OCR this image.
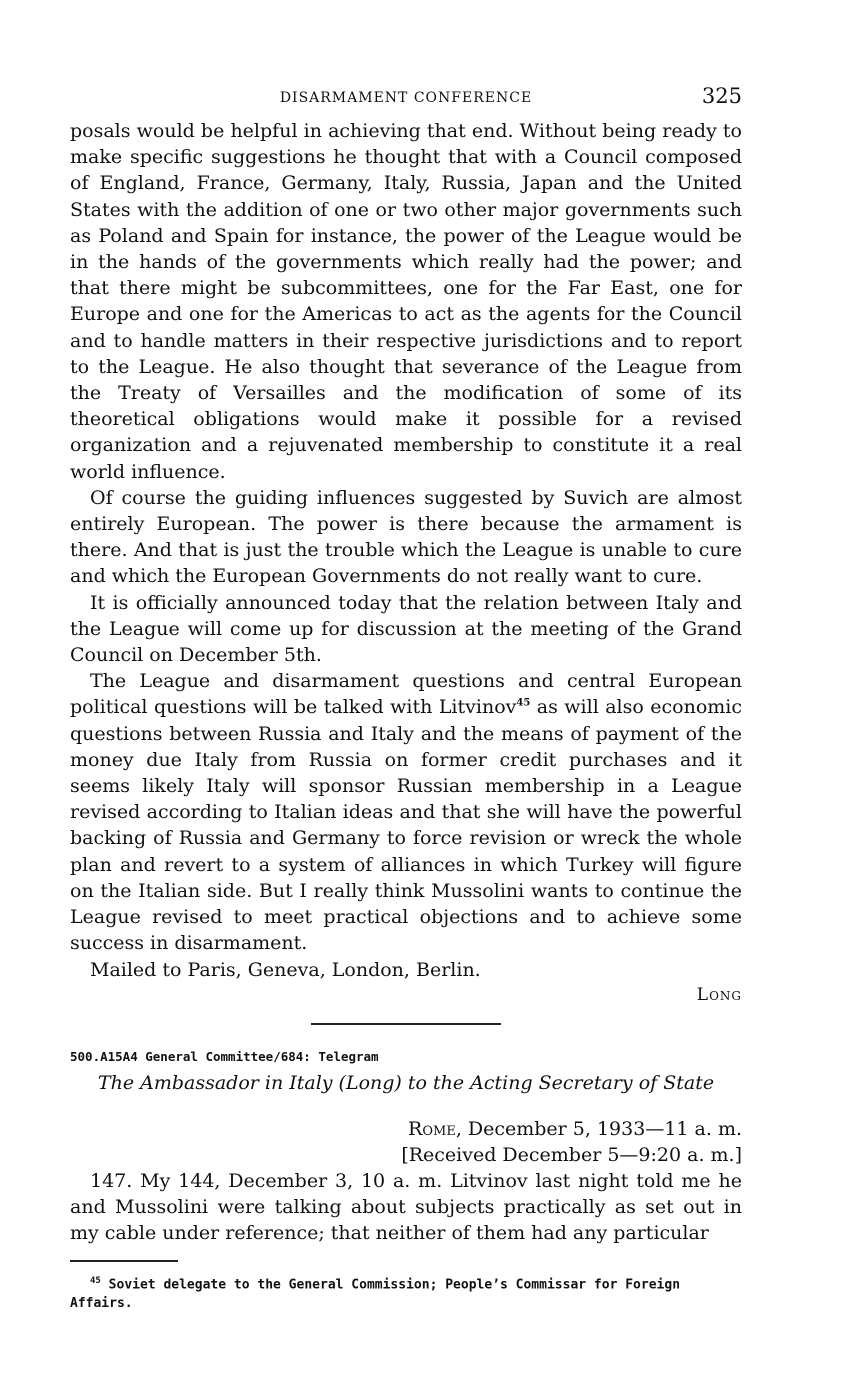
DISARMAMENT CONFERENCE	325

posals would be helpful in achieving that end. Without being ready to make specific suggestions he thought that with a Council composed of England, France, Germany, Italy, Russia, Japan and the United States with the addition of one or two other major governments such as Poland and Spain for instance, the power of the League would be in the hands of the governments which really had the power; and that there might be subcommittees, one for the Far East, one for Europe and one for the Americas to act as the agents for the Council and to handle matters in their respective jurisdictions and to report to the League. He also thought that severance of the League from the Treaty of Versailles and the modification of some of its theoretical obligations would make it possible for a revised organization and a rejuvenated membership to constitute it a real world influence.

Of course the guiding influences suggested by Suvich are almost entirely European. The power is there because the armament is there. And that is just the trouble which the League is unable to cure and which the European Governments do not really want to cure.

It is officially announced today that the relation between Italy and the League will come up for discussion at the meeting of the Grand Council on December 5th.

The League and disarmament questions and central European political questions will be talked with Litvinov$^{45}$ as will also economic questions between Russia and Italy and the means of payment of the money due Italy from Russia on former credit purchases and it seems likely Italy will sponsor Russian membership in a League revised according to Italian ideas and that she will have the powerful backing of Russia and Germany to force revision or wreck the whole plan and revert to a system of alliances in which Turkey will figure on the Italian side. But I really think Mussolini wants to continue the League revised to meet practical objections and to achieve some success in disarmament.

Mailed to Paris, Geneva, London, Berlin.

Long
500.A15A4 General Committee/684: Telegram
The Ambassador in Italy (Long) to the Acting Secretary of State
Rome, December 5, 1933—11 a. m.
[Received December 5—9:20 a. m.]

147. My 144, December 3, 10 a. m. Litvinov last night told me he and Mussolini were talking about subjects practically as set out in my cable under reference; that neither of them had any particular

$^{45}$ Soviet delegate to the General Commission; People’s Commissar for Foreign Affairs.
